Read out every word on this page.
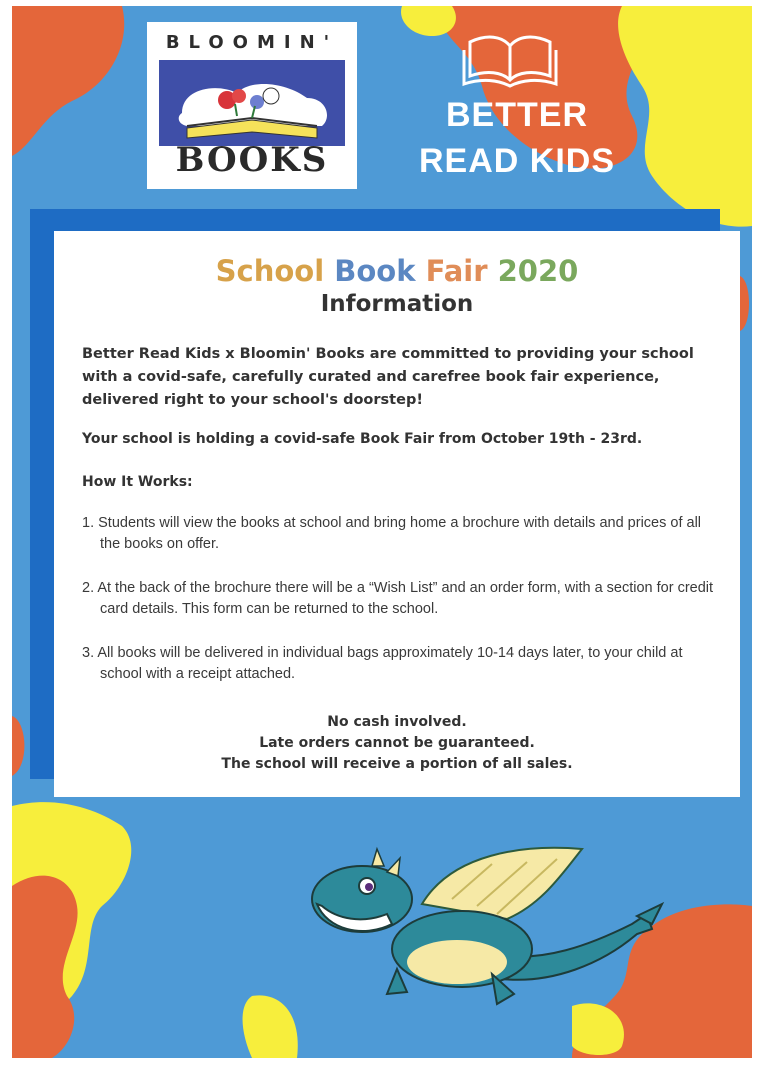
BLOOMIN'
BOOKS
BETTER
READ KIDS
School Book Fair 2020
Information

Better Read Kids x Bloomin' Books are committed to providing your school with a covid-safe, carefully curated and carefree book fair experience, delivered right to your school's doorstep!

Your school is holding a covid-safe Book Fair from October 19th - 23rd.

How It Works:

1. Students will view the books at school and bring home a brochure with details and prices of all the books on offer.
2. At the back of the brochure there will be a “Wish List” and an order form, with a section for credit card details. This form can be returned to the school.
3. All books will be delivered in individual bags approximately 10-14 days later, to your child at school with a receipt attached.
No cash involved.
Late orders cannot be guaranteed.
The school will receive a portion of all sales.
